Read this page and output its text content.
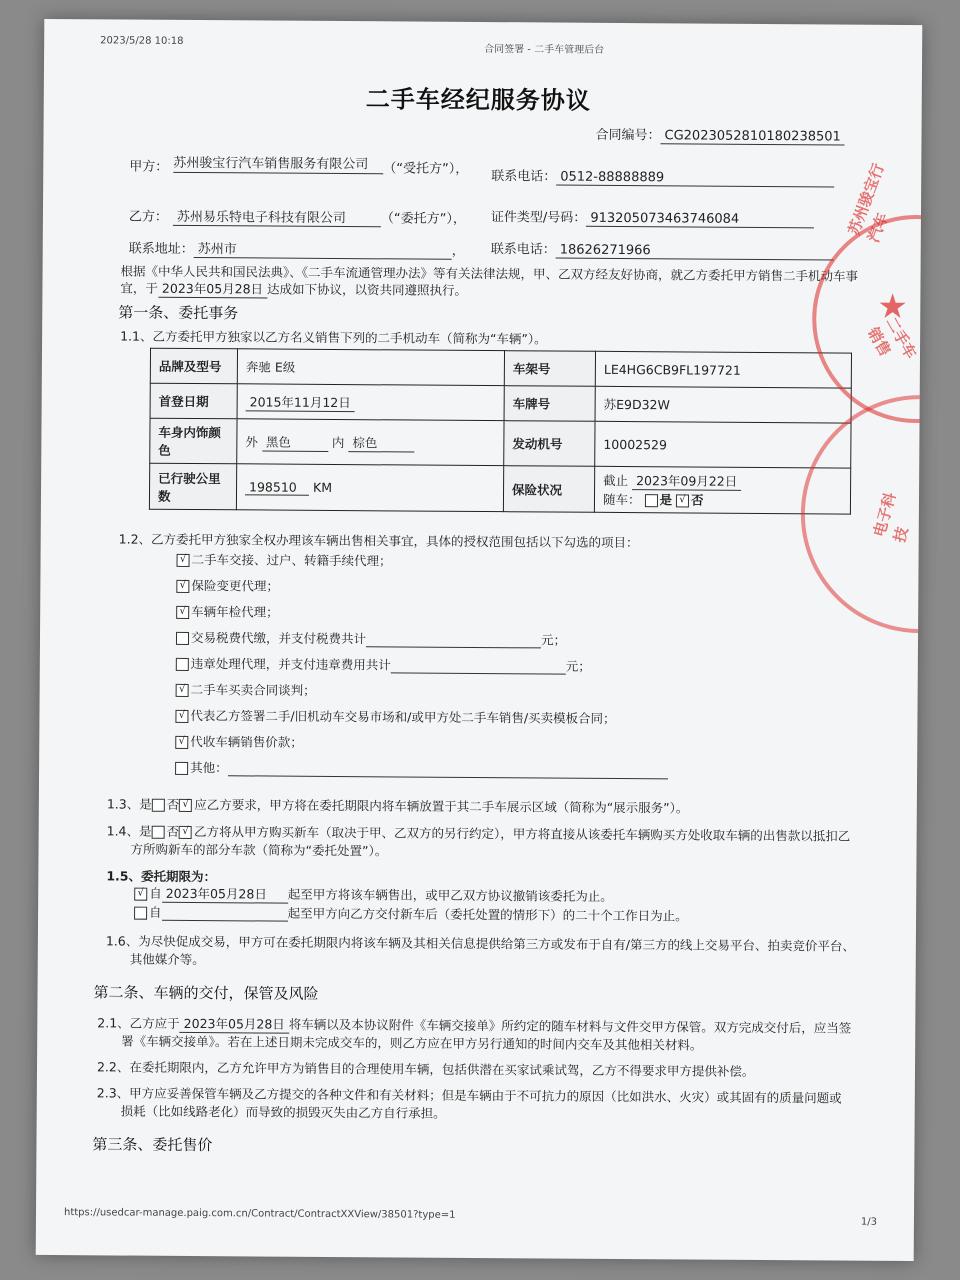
2023/5/28 10:18
合同签署 - 二手车管理后台
二手车经纪服务协议
合同编号： CG2023052810180238501
甲方： 苏州骏宝行汽车销售服务有限公司	（“受托方”）， 联系电话： 0512-88888889
乙方： 苏州易乐特电子科技有限公司	（“委托方”）， 证件类型/号码： 913205073463746084
联系地址： 苏州市	， 联系电话： 18626271966
根据《中华人民共和国民法典》、《二手车流通管理办法》等有关法律法规，甲、乙双方经友好协商，就乙方委托甲方销售二手机动车事
宜，于 2023年05月28日 达成如下协议，以资共同遵照执行。
第一条、委托事务
1.1、乙方委托甲方独家以乙方名义销售下列的二手机动车（简称为“车辆”）。
品牌及型号	奔驰 E级	车架号	LE4HG6CB9FL197721
首登日期	2015年11月12日	车牌号	苏E9D32W
车身内饰颜色	外 黑色 内 棕色	发动机号	10002529
已行驶公里数	198510 KM	保险状况	截止 2023年09月22日
随车： 是 √ 否
1.2、乙方委托甲方独家全权办理该车辆出售相关事宜，具体的授权范围包括以下勾选的项目：
√ 二手车交接、过户、转籍手续代理；
√ 保险变更代理；
√ 车辆年检代理；
交易税费代缴，并支付税费共计	元；
违章处理代理，并支付违章费用共计	元；
√ 二手车买卖合同谈判；
√ 代表乙方签署二手/旧机动车交易市场和/或甲方处二手车销售/买卖模板合同；
√ 代收车辆销售价款；
其他：
1.3、是 否 √ 应乙方要求，甲方将在委托期限内将车辆放置于其二手车展示区域（简称为“展示服务”）。
1.4、是 否 √ 乙方将从甲方购买新车（取决于甲、乙双方的另行约定），甲方将直接从该委托车辆购买方处收取车辆的出售款以抵扣乙
方所购新车的部分车款（简称为“委托处置”）。
1.5、委托期限为：
√ 自 2023年05月28日 起至甲方将该车辆售出，或甲乙双方协议撤销该委托为止。
自	起至甲方向乙方交付新车后（委托处置的情形下）的二十个工作日为止。
1.6、为尽快促成交易，甲方可在委托期限内将该车辆及其相关信息提供给第三方或发布于自有/第三方的线上交易平台、拍卖竞价平台、
其他媒介等。
第二条、车辆的交付，保管及风险
2.1、乙方应于 2023年05月28日 将车辆以及本协议附件《车辆交接单》所约定的随车材料与文件交甲方保管。双方完成交付后，应当签
署《车辆交接单》。若在上述日期未完成交车的，则乙方应在甲方另行通知的时间内交车及其他相关材料。
2.2、在委托期限内，乙方允许甲方为销售目的合理使用车辆，包括供潜在买家试乘试驾，乙方不得要求甲方提供补偿。
2.3、甲方应妥善保管车辆及乙方提交的各种文件和有关材料；但是车辆由于不可抗力的原因（比如洪水、火灾）或其固有的质量问题或
损耗（比如线路老化）而导致的损毁灭失由乙方自行承担。
第三条、委托售价
https://usedcar-manage.paig.com.cn/Contract/ContractXXView/38501?type=1
1/3
★
苏州骏宝行汽车
二手车销售
电子科技
